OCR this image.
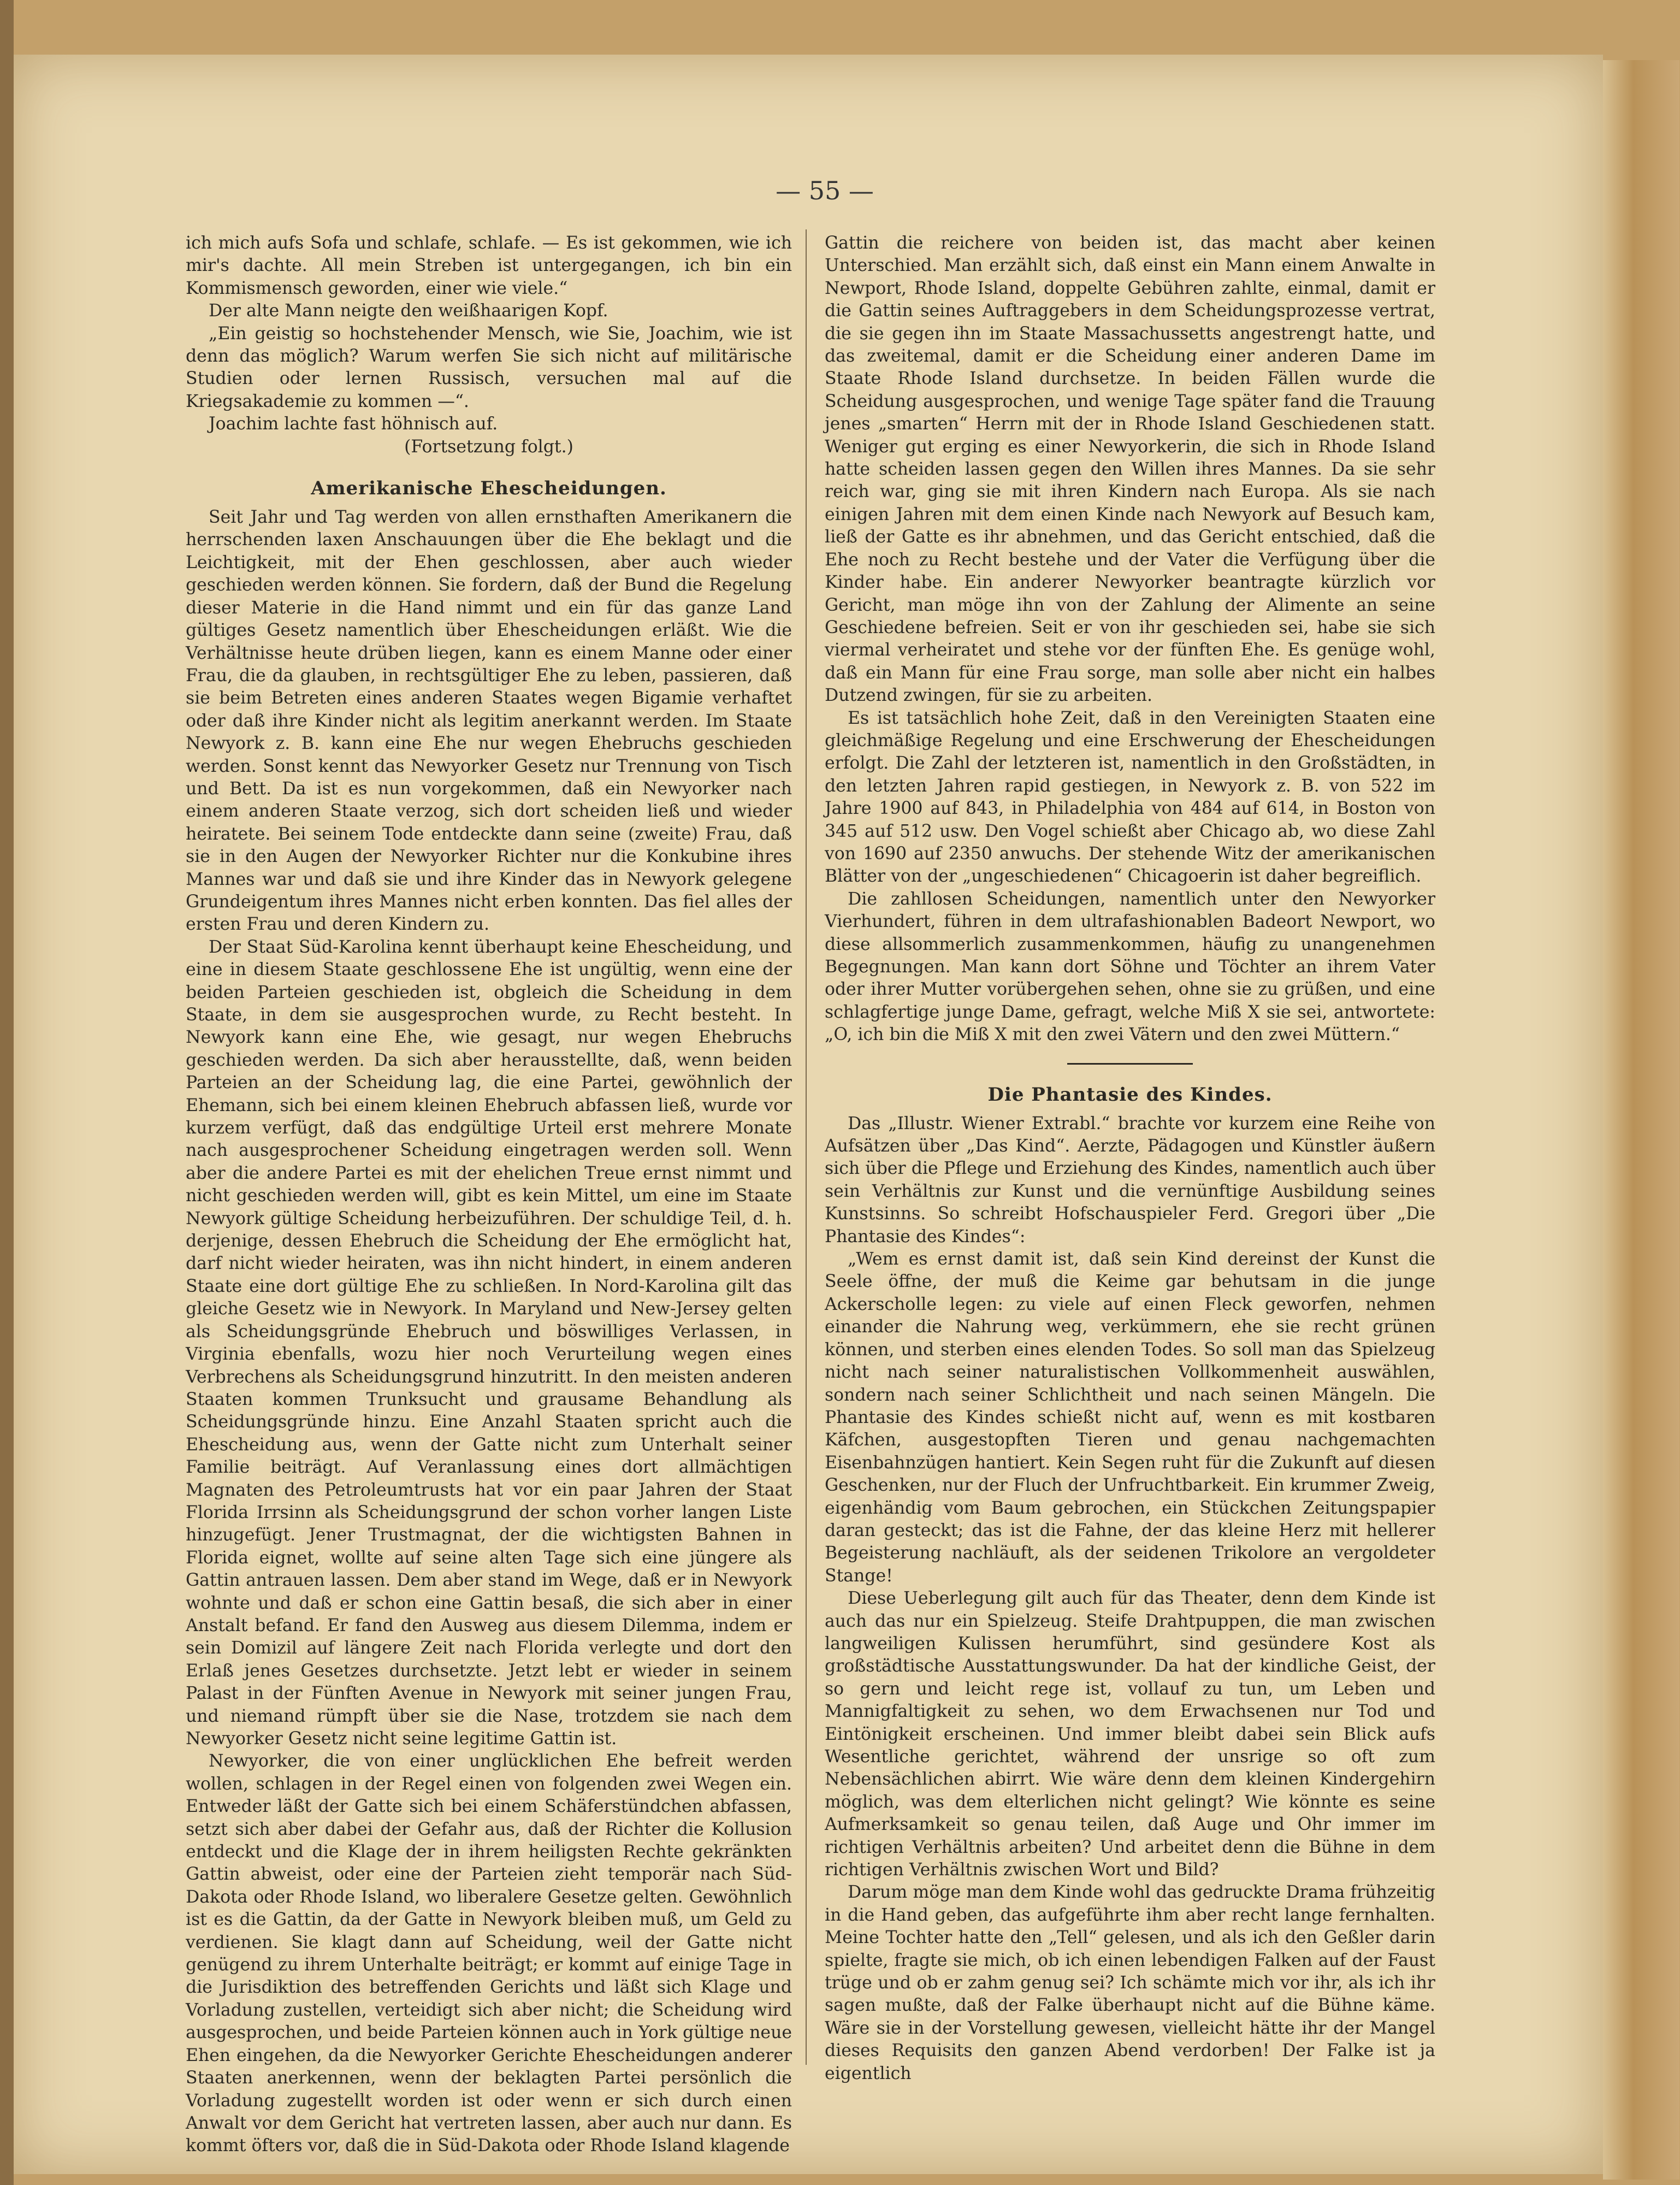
— 55 —

ich mich aufs Sofa und schlafe, schlafe. — Es ist gekommen, wie ich mir's dachte. All mein Streben ist untergegangen, ich bin ein Kommismensch geworden, einer wie viele.“

Der alte Mann neigte den weißhaarigen Kopf.

„Ein geistig so hochstehender Mensch, wie Sie, Joachim, wie ist denn das möglich? Warum werfen Sie sich nicht auf militärische Studien oder lernen Russisch, versuchen mal auf die Kriegsakademie zu kommen —“.

Joachim lachte fast höhnisch auf.

(Fortsetzung folgt.)

Amerikanische Ehescheidungen.

Seit Jahr und Tag werden von allen ernsthaften Amerikanern die herrschenden laxen Anschauungen über die Ehe beklagt und die Leichtigkeit, mit der Ehen geschlossen, aber auch wieder geschieden werden können. Sie fordern, daß der Bund die Regelung dieser Materie in die Hand nimmt und ein für das ganze Land gültiges Gesetz namentlich über Ehescheidungen erläßt. Wie die Verhältnisse heute drüben liegen, kann es einem Manne oder einer Frau, die da glauben, in rechtsgültiger Ehe zu leben, passieren, daß sie beim Betreten eines anderen Staates wegen Bigamie verhaftet oder daß ihre Kinder nicht als legitim anerkannt werden. Im Staate Newyork z. B. kann eine Ehe nur wegen Ehebruchs geschieden werden. Sonst kennt das Newyorker Gesetz nur Trennung von Tisch und Bett. Da ist es nun vorgekommen, daß ein Newyorker nach einem anderen Staate verzog, sich dort scheiden ließ und wieder heiratete. Bei seinem Tode entdeckte dann seine (zweite) Frau, daß sie in den Augen der Newyorker Richter nur die Konkubine ihres Mannes war und daß sie und ihre Kinder das in Newyork gelegene Grundeigentum ihres Mannes nicht erben konnten. Das fiel alles der ersten Frau und deren Kindern zu.

Der Staat Süd-Karolina kennt überhaupt keine Ehescheidung, und eine in diesem Staate geschlossene Ehe ist ungültig, wenn eine der beiden Parteien geschieden ist, obgleich die Scheidung in dem Staate, in dem sie ausgesprochen wurde, zu Recht besteht. In Newyork kann eine Ehe, wie gesagt, nur wegen Ehebruchs geschieden werden. Da sich aber herausstellte, daß, wenn beiden Parteien an der Scheidung lag, die eine Partei, gewöhnlich der Ehemann, sich bei einem kleinen Ehebruch abfassen ließ, wurde vor kurzem verfügt, daß das endgültige Urteil erst mehrere Monate nach ausgesprochener Scheidung eingetragen werden soll. Wenn aber die andere Partei es mit der ehelichen Treue ernst nimmt und nicht geschieden werden will, gibt es kein Mittel, um eine im Staate Newyork gültige Scheidung herbeizuführen. Der schuldige Teil, d. h. derjenige, dessen Ehebruch die Scheidung der Ehe ermöglicht hat, darf nicht wieder heiraten, was ihn nicht hindert, in einem anderen Staate eine dort gültige Ehe zu schließen. In Nord-Karolina gilt das gleiche Gesetz wie in Newyork. In Maryland und New-Jersey gelten als Scheidungsgründe Ehebruch und böswilliges Verlassen, in Virginia ebenfalls, wozu hier noch Verurteilung wegen eines Verbrechens als Scheidungsgrund hinzutritt. In den meisten anderen Staaten kommen Trunksucht und grausame Behandlung als Scheidungsgründe hinzu. Eine Anzahl Staaten spricht auch die Ehescheidung aus, wenn der Gatte nicht zum Unterhalt seiner Familie beiträgt. Auf Veranlassung eines dort allmächtigen Magnaten des Petroleumtrusts hat vor ein paar Jahren der Staat Florida Irrsinn als Scheidungsgrund der schon vorher langen Liste hinzugefügt. Jener Trustmagnat, der die wichtigsten Bahnen in Florida eignet, wollte auf seine alten Tage sich eine jüngere als Gattin antrauen lassen. Dem aber stand im Wege, daß er in Newyork wohnte und daß er schon eine Gattin besaß, die sich aber in einer Anstalt befand. Er fand den Ausweg aus diesem Dilemma, indem er sein Domizil auf längere Zeit nach Florida verlegte und dort den Erlaß jenes Gesetzes durchsetzte. Jetzt lebt er wieder in seinem Palast in der Fünften Avenue in Newyork mit seiner jungen Frau, und niemand rümpft über sie die Nase, trotzdem sie nach dem Newyorker Gesetz nicht seine legitime Gattin ist.

Newyorker, die von einer unglücklichen Ehe befreit werden wollen, schlagen in der Regel einen von folgenden zwei Wegen ein. Entweder läßt der Gatte sich bei einem Schäferstündchen abfassen, setzt sich aber dabei der Gefahr aus, daß der Richter die Kollusion entdeckt und die Klage der in ihrem heiligsten Rechte gekränkten Gattin abweist, oder eine der Parteien zieht temporär nach Süd-Dakota oder Rhode Island, wo liberalere Gesetze gelten. Gewöhnlich ist es die Gattin, da der Gatte in Newyork bleiben muß, um Geld zu verdienen. Sie klagt dann auf Scheidung, weil der Gatte nicht genügend zu ihrem Unterhalte beiträgt; er kommt auf einige Tage in die Jurisdiktion des betreffenden Gerichts und läßt sich Klage und Vorladung zustellen, verteidigt sich aber nicht; die Scheidung wird ausgesprochen, und beide Parteien können auch in York gültige neue Ehen eingehen, da die Newyorker Gerichte Ehescheidungen anderer Staaten anerkennen, wenn der beklagten Partei persönlich die Vorladung zugestellt worden ist oder wenn er sich durch einen Anwalt vor dem Gericht hat vertreten lassen, aber auch nur dann. Es kommt öfters vor, daß die in Süd-Dakota oder Rhode Island klagende

Gattin die reichere von beiden ist, das macht aber keinen Unterschied. Man erzählt sich, daß einst ein Mann einem Anwalte in Newport, Rhode Island, doppelte Gebühren zahlte, einmal, damit er die Gattin seines Auftraggebers in dem Scheidungsprozesse vertrat, die sie gegen ihn im Staate Massachussetts angestrengt hatte, und das zweitemal, damit er die Scheidung einer anderen Dame im Staate Rhode Island durchsetze. In beiden Fällen wurde die Scheidung ausgesprochen, und wenige Tage später fand die Trauung jenes „smarten“ Herrn mit der in Rhode Island Geschiedenen statt. Weniger gut erging es einer Newyorkerin, die sich in Rhode Island hatte scheiden lassen gegen den Willen ihres Mannes. Da sie sehr reich war, ging sie mit ihren Kindern nach Europa. Als sie nach einigen Jahren mit dem einen Kinde nach Newyork auf Besuch kam, ließ der Gatte es ihr abnehmen, und das Gericht entschied, daß die Ehe noch zu Recht bestehe und der Vater die Verfügung über die Kinder habe. Ein anderer Newyorker beantragte kürzlich vor Gericht, man möge ihn von der Zahlung der Alimente an seine Geschiedene befreien. Seit er von ihr geschieden sei, habe sie sich viermal verheiratet und stehe vor der fünften Ehe. Es genüge wohl, daß ein Mann für eine Frau sorge, man solle aber nicht ein halbes Dutzend zwingen, für sie zu arbeiten.

Es ist tatsächlich hohe Zeit, daß in den Vereinigten Staaten eine gleichmäßige Regelung und eine Erschwerung der Ehescheidungen erfolgt. Die Zahl der letzteren ist, namentlich in den Großstädten, in den letzten Jahren rapid gestiegen, in Newyork z. B. von 522 im Jahre 1900 auf 843, in Philadelphia von 484 auf 614, in Boston von 345 auf 512 usw. Den Vogel schießt aber Chicago ab, wo diese Zahl von 1690 auf 2350 anwuchs. Der stehende Witz der amerikanischen Blätter von der „ungeschiedenen“ Chicagoerin ist daher begreiflich.

Die zahllosen Scheidungen, namentlich unter den Newyorker Vierhundert, führen in dem ultrafashionablen Badeort Newport, wo diese allsommerlich zusammenkommen, häufig zu unangenehmen Begegnungen. Man kann dort Söhne und Töchter an ihrem Vater oder ihrer Mutter vorübergehen sehen, ohne sie zu grüßen, und eine schlagfertige junge Dame, gefragt, welche Miß X sie sei, antwortete: „O, ich bin die Miß X mit den zwei Vätern und den zwei Müttern.“

Die Phantasie des Kindes.

Das „Illustr. Wiener Extrabl.“ brachte vor kurzem eine Reihe von Aufsätzen über „Das Kind“. Aerzte, Pädagogen und Künstler äußern sich über die Pflege und Erziehung des Kindes, namentlich auch über sein Verhältnis zur Kunst und die vernünftige Ausbildung seines Kunstsinns. So schreibt Hofschauspieler Ferd. Gregori über „Die Phantasie des Kindes“:

„Wem es ernst damit ist, daß sein Kind dereinst der Kunst die Seele öffne, der muß die Keime gar behutsam in die junge Ackerscholle legen: zu viele auf einen Fleck geworfen, nehmen einander die Nahrung weg, verkümmern, ehe sie recht grünen können, und sterben eines elenden Todes. So soll man das Spielzeug nicht nach seiner naturalistischen Vollkommenheit auswählen, sondern nach seiner Schlichtheit und nach seinen Mängeln. Die Phantasie des Kindes schießt nicht auf, wenn es mit kostbaren Käfchen, ausgestopften Tieren und genau nachgemachten Eisenbahnzügen hantiert. Kein Segen ruht für die Zukunft auf diesen Geschenken, nur der Fluch der Unfruchtbarkeit. Ein krummer Zweig, eigenhändig vom Baum gebrochen, ein Stückchen Zeitungspapier daran gesteckt; das ist die Fahne, der das kleine Herz mit hellerer Begeisterung nachläuft, als der seidenen Trikolore an vergoldeter Stange!

Diese Ueberlegung gilt auch für das Theater, denn dem Kinde ist auch das nur ein Spielzeug. Steife Drahtpuppen, die man zwischen langweiligen Kulissen herumführt, sind gesündere Kost als großstädtische Ausstattungswunder. Da hat der kindliche Geist, der so gern und leicht rege ist, vollauf zu tun, um Leben und Mannigfaltigkeit zu sehen, wo dem Erwachsenen nur Tod und Eintönigkeit erscheinen. Und immer bleibt dabei sein Blick aufs Wesentliche gerichtet, während der unsrige so oft zum Nebensächlichen abirrt. Wie wäre denn dem kleinen Kindergehirn möglich, was dem elterlichen nicht gelingt? Wie könnte es seine Aufmerksamkeit so genau teilen, daß Auge und Ohr immer im richtigen Verhältnis arbeiten? Und arbeitet denn die Bühne in dem richtigen Verhältnis zwischen Wort und Bild?

Darum möge man dem Kinde wohl das gedruckte Drama frühzeitig in die Hand geben, das aufgeführte ihm aber recht lange fernhalten. Meine Tochter hatte den „Tell“ gelesen, und als ich den Geßler darin spielte, fragte sie mich, ob ich einen lebendigen Falken auf der Faust trüge und ob er zahm genug sei? Ich schämte mich vor ihr, als ich ihr sagen mußte, daß der Falke überhaupt nicht auf die Bühne käme. Wäre sie in der Vorstellung gewesen, vielleicht hätte ihr der Mangel dieses Requisits den ganzen Abend verdorben! Der Falke ist ja eigentlich
